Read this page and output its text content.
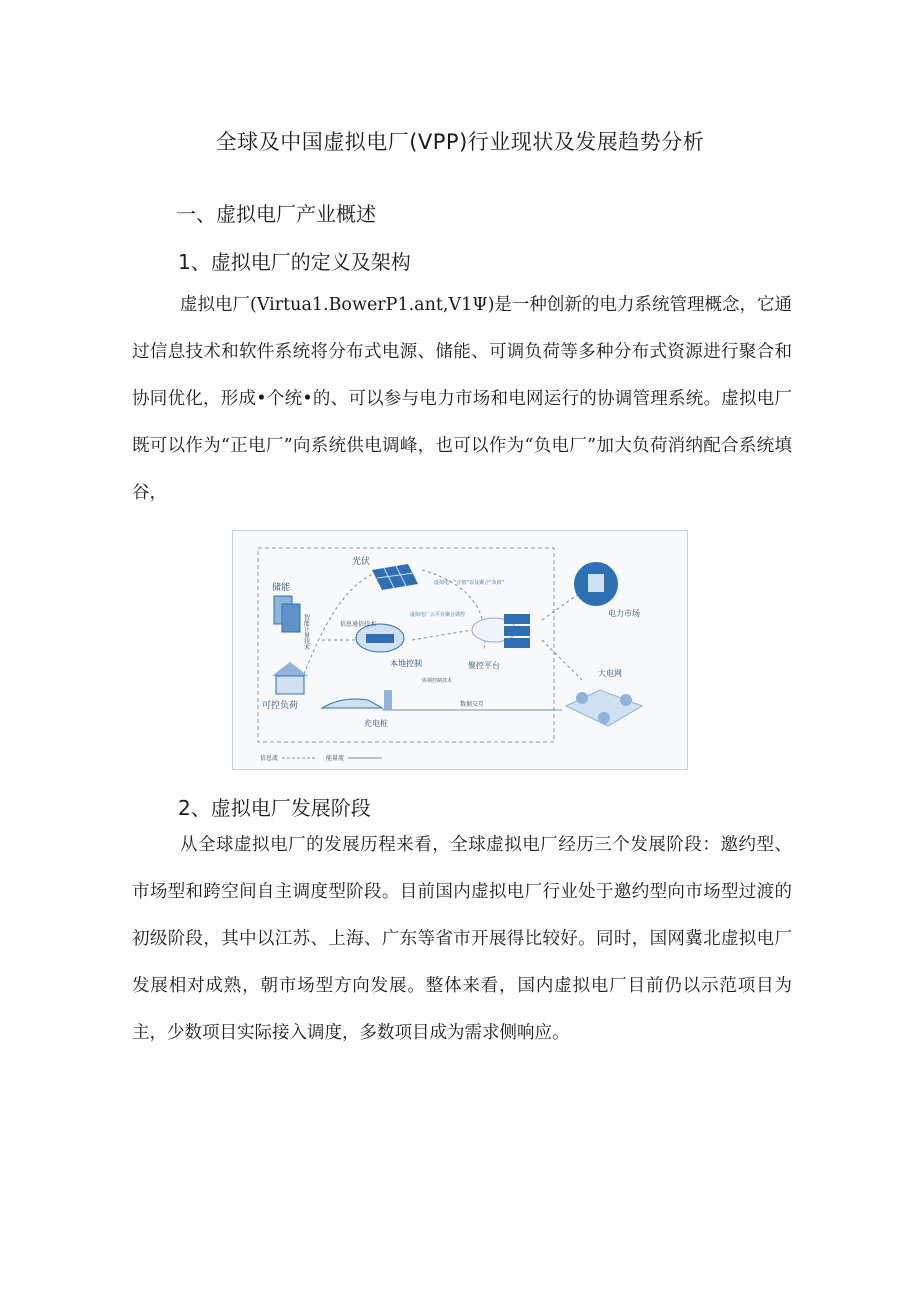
全球及中国虚拟电厂(VPP)行业现状及发展趋势分析
一、虚拟电厂产业概述
1、虚拟电厂的定义及架构

虚拟电厂(Virtua1.BowerP1.ant,V1Ψ)是一种创新的电力系统管理概念，它通过信息技术和软件系统将分布式电源、储能、可调负荷等多种分布式资源进行聚合和协同优化，形成•个统•的、可以参与电力市场和电网运行的协调管理系统。虚拟电厂既可以作为“正电厂”向系统供电调峰，也可以作为“负电厂”加大负荷消纳配合系统填谷，

光伏
储能
智能计量技术
可控负荷
信息通信技术
本地控制
虚拟电厂“正值”以及聚合“负荷”
虚拟电厂云平台聚合调控
聚控平台
协调控制技术
充电桩
数据交互
电力市场
大电网
信息流	能量流
2、虚拟电厂发展阶段

从全球虚拟电厂的发展历程来看，全球虚拟电厂经历三个发展阶段：邀约型、市场型和跨空间自主调度型阶段。目前国内虚拟电厂行业处于邀约型向市场型过渡的初级阶段，其中以江苏、上海、广东等省市开展得比较好。同时，国网冀北虚拟电厂发展相对成熟，朝市场型方向发展。整体来看，国内虚拟电厂目前仍以示范项目为主，少数项目实际接入调度，多数项目成为需求侧响应。
